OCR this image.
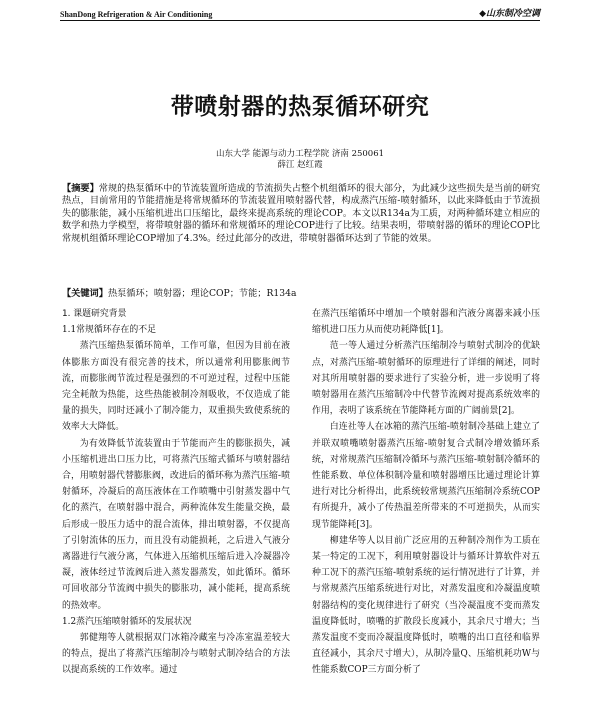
ShanDong Refrigeration & Air Conditioning	◆山东制冷空调
带喷射器的热泵循环研究
山东大学 能源与动力工程学院 济南 250061
薛江 赵红霞
【摘要】常规的热泵循环中的节流装置所造成的节流损失占整个机组循环的很大部分，为此减少这些损失是当前的研究热点，目前常用的节能措施是将常规循环的节流装置用喷射器代替，构成蒸汽压缩-喷射循环，以此来降低由于节流损失的膨胀能，减小压缩机进出口压缩比，最终来提高系统的理论COP。本文以R134a为工质，对两种循环建立相应的数学和热力学模型，将带喷射器的循环和常规循环的理论COP进行了比较。结果表明，带喷射器的循环的理论COP比常规机组循环理论COP增加了4.3%。经过此部分的改进，带喷射器循环达到了节能的效果。
【关键词】热泵循环；喷射器；理论COP；节能；R134a

1. 课题研究背景

1.1常规循环存在的不足

蒸汽压缩热泵循环简单，工作可靠，但因为目前在液体膨胀方面没有很完善的技术，所以通常利用膨胀阀节流，而膨胀阀节流过程是强烈的不可逆过程，过程中压能完全耗散为热能，这些热能被制冷剂吸收，不仅造成了能量的损失，同时还减小了制冷能力，双重损失致使系统的效率大大降低。

为有效降低节流装置由于节能而产生的膨胀损失，减小压缩机进出口压力比，可将蒸汽压缩式循环与喷射器结合，用喷射器代替膨胀阀，改进后的循环称为蒸汽压缩-喷射循环，冷凝后的高压液体在工作喷嘴中引射蒸发器中气化的蒸汽，在喷射器中混合，两种流体发生能量交换，最后形成一股压力适中的混合流体，排出喷射器，不仅提高了引射流体的压力，而且没有动能损耗，之后进入气液分离器进行气液分离，气体进入压缩机压缩后进入冷凝器冷凝，液体经过节流阀后进入蒸发器蒸发，如此循环。循环可回收部分节流阀中损失的膨胀功，减小能耗，提高系统的热效率。

1.2蒸汽压缩喷射循环的发展状况

郭健翔等人就根据双门冰箱冷藏室与冷冻室温差较大的特点，提出了将蒸汽压缩制冷与喷射式制冷结合的方法以提高系统的工作效率。通过

在蒸汽压缩循环中增加一个喷射器和汽液分离器来减小压缩机进口压力从而使功耗降低[1]。

范一等人通过分析蒸汽压缩制冷与喷射式制冷的优缺点，对蒸汽压缩-喷射循环的原理进行了详细的阐述，同时对其所用喷射器的要求进行了实验分析，进一步说明了将喷射器用在蒸汽压缩制冷中代替节流阀对提高系统效率的作用，表明了该系统在节能降耗方面的广阔前景[2]。

白连社等人在冰箱的蒸汽压缩-喷射制冷基础上建立了并联双喷嘴喷射器蒸汽压缩-喷射复合式制冷增效循环系统，对常规蒸汽压缩制冷循环与蒸汽压缩-喷射制冷循环的性能系数、单位体积制冷量和喷射器增压比通过理论计算进行对比分析得出，此系统较常规蒸汽压缩制冷系统COP有所提升，减小了传热温差所带来的不可逆损失，从而实现节能降耗[3]。

柳建华等人以目前广泛应用的五种制冷剂作为工质在某一特定的工况下，利用喷射器设计与循环计算软件对五种工况下的蒸汽压缩-喷射系统的运行情况进行了计算，并与常规蒸汽压缩系统进行对比，对蒸发温度和冷凝温度喷射器结构的变化规律进行了研究（当冷凝温度不变而蒸发温度降低时，喷嘴的扩散段长度减小，其余尺寸增大；当蒸发温度不变而冷凝温度降低时，喷嘴的出口直径和临界直径减小，其余尺寸增大），从制冷量Q、压缩机耗功W与性能系数COP三方面分析了
